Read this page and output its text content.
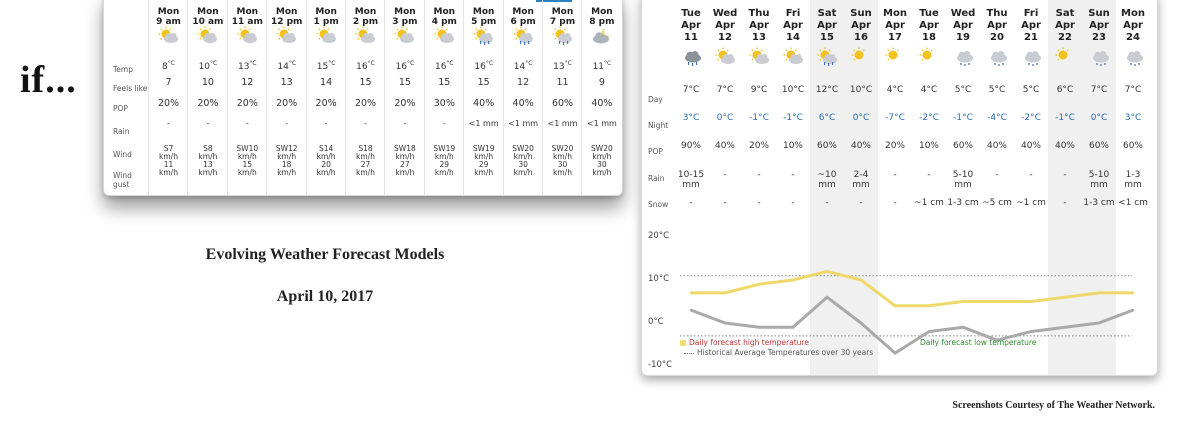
if...
Evolving Weather Forecast Models
April 10, 2017
Screenshots Courtesy of The Weather Network.
Temp
Feels like
POP
Rain
Wind
Wind gust
Mon
9 am
$8^{^\circ C}$
7
20%
-
S7
km/h
11
km/h
Mon
10 am
$10^{^\circ C}$
10
20%
-
S8
km/h
13
km/h
Mon
11 am
$13^{^\circ C}$
12
20%
-
SW10
km/h
15
km/h
Mon
12 pm
$14^{^\circ C}$
13
20%
-
SW12
km/h
18
km/h
Mon
1 pm
$15^{^\circ C}$
14
20%
-
S14
km/h
20
km/h
Mon
2 pm
$16^{^\circ C}$
15
20%
-
S18
km/h
27
km/h
Mon
3 pm
$16^{^\circ C}$
15
20%
-
SW18
km/h
27
km/h
Mon
4 pm
$16^{^\circ C}$
15
30%
-
SW19
km/h
29
km/h
Mon
5 pm
$16^{^\circ C}$
15
40%
<1 mm
SW19
km/h
29
km/h
Mon
6 pm
$14^{^\circ C}$
12
40%
<1 mm
SW20
km/h
30
km/h
Mon
7 pm
$13^{^\circ C}$
11
60%
<1 mm
SW20
km/h
30
km/h
Mon
8 pm
$11^{^\circ C}$
9
40%
<1 mm
SW20
km/h
30
km/h
Tue
Apr
11
7°C
3°C
90%
10-15
mm
-
Wed
Apr
12
7°C
0°C
40%
-
-
Thu
Apr
13
9°C
-1°C
20%
-
-
Fri
Apr
14
10°C
-1°C
10%
-
-
Sat
Apr
15
12°C
6°C
60%
~10
mm
-
Sun
Apr
16
10°C
0°C
40%
2-4
mm
-
Mon
Apr
17
4°C
-7°C
20%
-
-
Tue
Apr
18
4°C
-2°C
10%
-
~1 cm
Wed
Apr
19
5°C
-1°C
60%
5-10
mm
1-3 cm
Thu
Apr
20
5°C
-4°C
40%
-
~5 cm
Fri
Apr
21
5°C
-2°C
40%
-
~1 cm
Sat
Apr
22
6°C
-1°C
40%
-
-
Sun
Apr
23
7°C
0°C
60%
5-10
mm
1-3 cm
Mon
Apr
24
7°C
3°C
60%
1-3
mm
<1 cm
Day
Night
POP
Rain
Snow
20°C
10°C
0°C
-10°C
Daily forecast high temperature	Daily forecast low temperature
Historical Average Temperatures over 30 years
